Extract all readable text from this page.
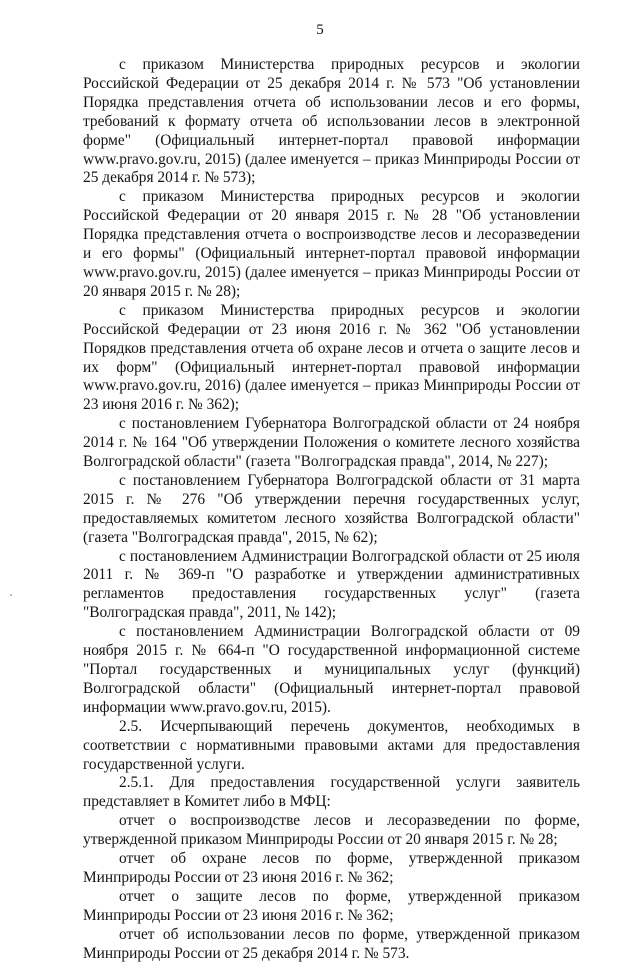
5

с приказом Министерства природных ресурсов и экологии Российской Федерации от 25 декабря 2014 г. № 573 "Об установлении Порядка представления отчета об использовании лесов и его формы, требований к формату отчета об использовании лесов в электронной форме" (Официальный интернет-портал правовой информации www.pravo.gov.ru, 2015) (далее именуется – приказ Минприроды России от 25 декабря 2014 г. № 573);

с приказом Министерства природных ресурсов и экологии Российской Федерации от 20 января 2015 г. № 28 "Об установлении Порядка представления отчета о воспроизводстве лесов и лесоразведении и его формы" (Официальный интернет-портал правовой информации www.pravo.gov.ru, 2015) (далее именуется – приказ Минприроды России от 20 января 2015 г. № 28);

с приказом Министерства природных ресурсов и экологии Российской Федерации от 23 июня 2016 г. № 362 "Об установлении Порядков представления отчета об охране лесов и отчета о защите лесов и их форм" (Официальный интернет-портал правовой информации www.pravo.gov.ru, 2016) (далее именуется – приказ Минприроды России от 23 июня 2016 г. № 362);

с постановлением Губернатора Волгоградской области от 24 ноября 2014 г. № 164 "Об утверждении Положения о комитете лесного хозяйства Волгоградской области" (газета "Волгоградская правда", 2014, № 227);

с постановлением Губернатора Волгоградской области от 31 марта 2015 г. № 276 "Об утверждении перечня государственных услуг, предоставляемых комитетом лесного хозяйства Волгоградской области" (газета "Волгоградская правда", 2015, № 62);

с постановлением Администрации Волгоградской области от 25 июля 2011 г. № 369-п "О разработке и утверждении административных регламентов предоставления государственных услуг" (газета "Волгоградская правда", 2011, № 142);

с постановлением Администрации Волгоградской области от 09 ноября 2015 г. № 664-п "О государственной информационной системе "Портал государственных и муниципальных услуг (функций) Волгоградской области" (Официальный интернет-портал правовой информации www.pravo.gov.ru, 2015).

2.5. Исчерпывающий перечень документов, необходимых в соответствии с нормативными правовыми актами для предоставления государственной услуги.

2.5.1. Для предоставления государственной услуги заявитель представляет в Комитет либо в МФЦ:

отчет о воспроизводстве лесов и лесоразведении по форме, утвержденной приказом Минприроды России от 20 января 2015 г. № 28;

отчет об охране лесов по форме, утвержденной приказом Минприроды России от 23 июня 2016 г. № 362;

отчет о защите лесов по форме, утвержденной приказом Минприроды России от 23 июня 2016 г. № 362;

отчет об использовании лесов по форме, утвержденной приказом Минприроды России от 25 декабря 2014 г. № 573.
